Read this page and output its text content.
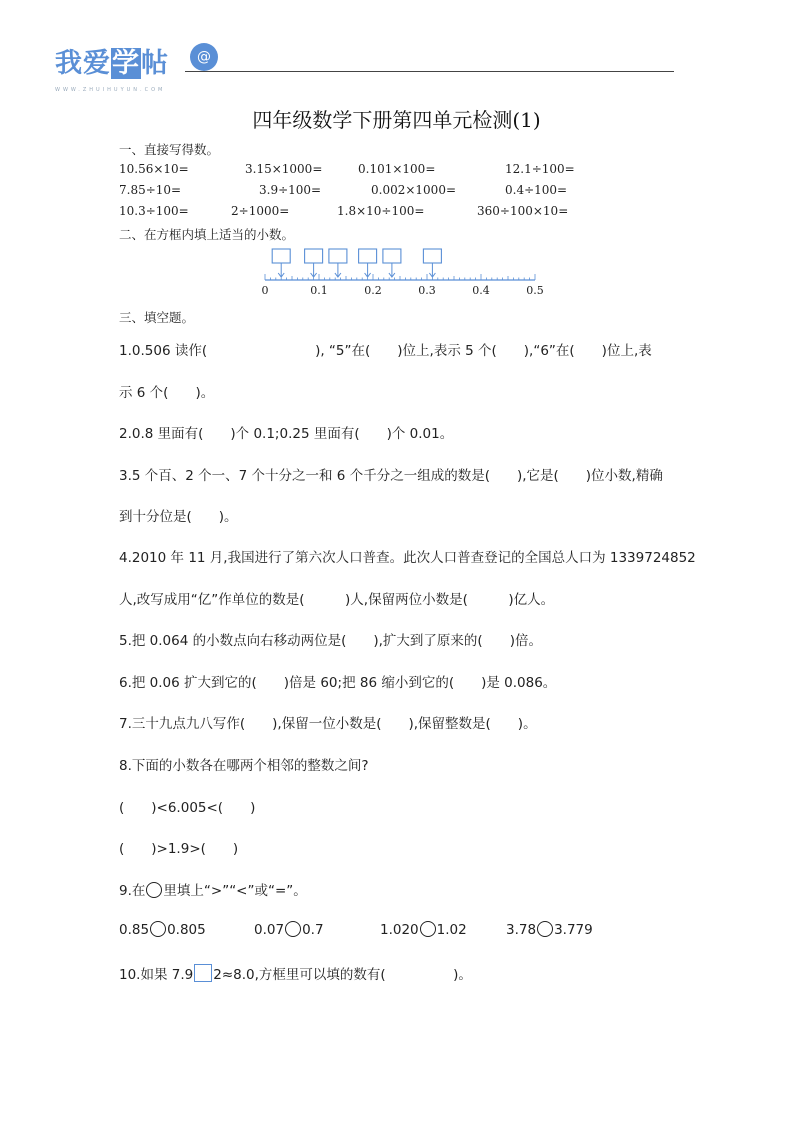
我爱学帖	@
WWW.ZHUIHUYUN.COM
四年级数学下册第四单元检测(1)
一、直接写得数。
10.56×10=	3.15×1000=	0.101×100=	12.1÷100=
7.85÷10=	3.9÷100=	0.002×1000=	0.4÷100=
10.3÷100=	2÷1000=	1.8×10÷100=	360÷100×10=
二、在方框内填上适当的小数。
0	0.1	0.2	0.3	0.4	0.5
三、填空题。
1.0.506 读作(　　　　　　　　), “5”在(　　)位上,表示 5 个(　　),“6”在(　　)位上,表
示 6 个(　　)。
2.0.8 里面有(　　)个 0.1;0.25 里面有(　　)个 0.01。
3.5 个百、2 个一、7 个十分之一和 6 个千分之一组成的数是(　　),它是(　　)位小数,精确
到十分位是(　　)。
4.2010 年 11 月,我国进行了第六次人口普查。此次人口普查登记的全国总人口为 1339724852
人,改写成用“亿”作单位的数是(　　　)人,保留两位小数是(　　　)亿人。
5.把 0.064 的小数点向右移动两位是(　　),扩大到了原来的(　　)倍。
6.把 0.06 扩大到它的(　　)倍是 60;把 86 缩小到它的(　　)是 0.086。
7.三十九点九八写作(　　),保留一位小数是(　　),保留整数是(　　)。
8.下面的小数各在哪两个相邻的整数之间?
(　　)<6.005<(　　)
(　　)>1.9>(　　)
9.在 里填上“>”“<”或“=”。
0.85 0.805	0.07 0.7	1.020 1.02	3.78 3.779
10.如果 7.9 2≈8.0,方框里可以填的数有(　　　　　)。
